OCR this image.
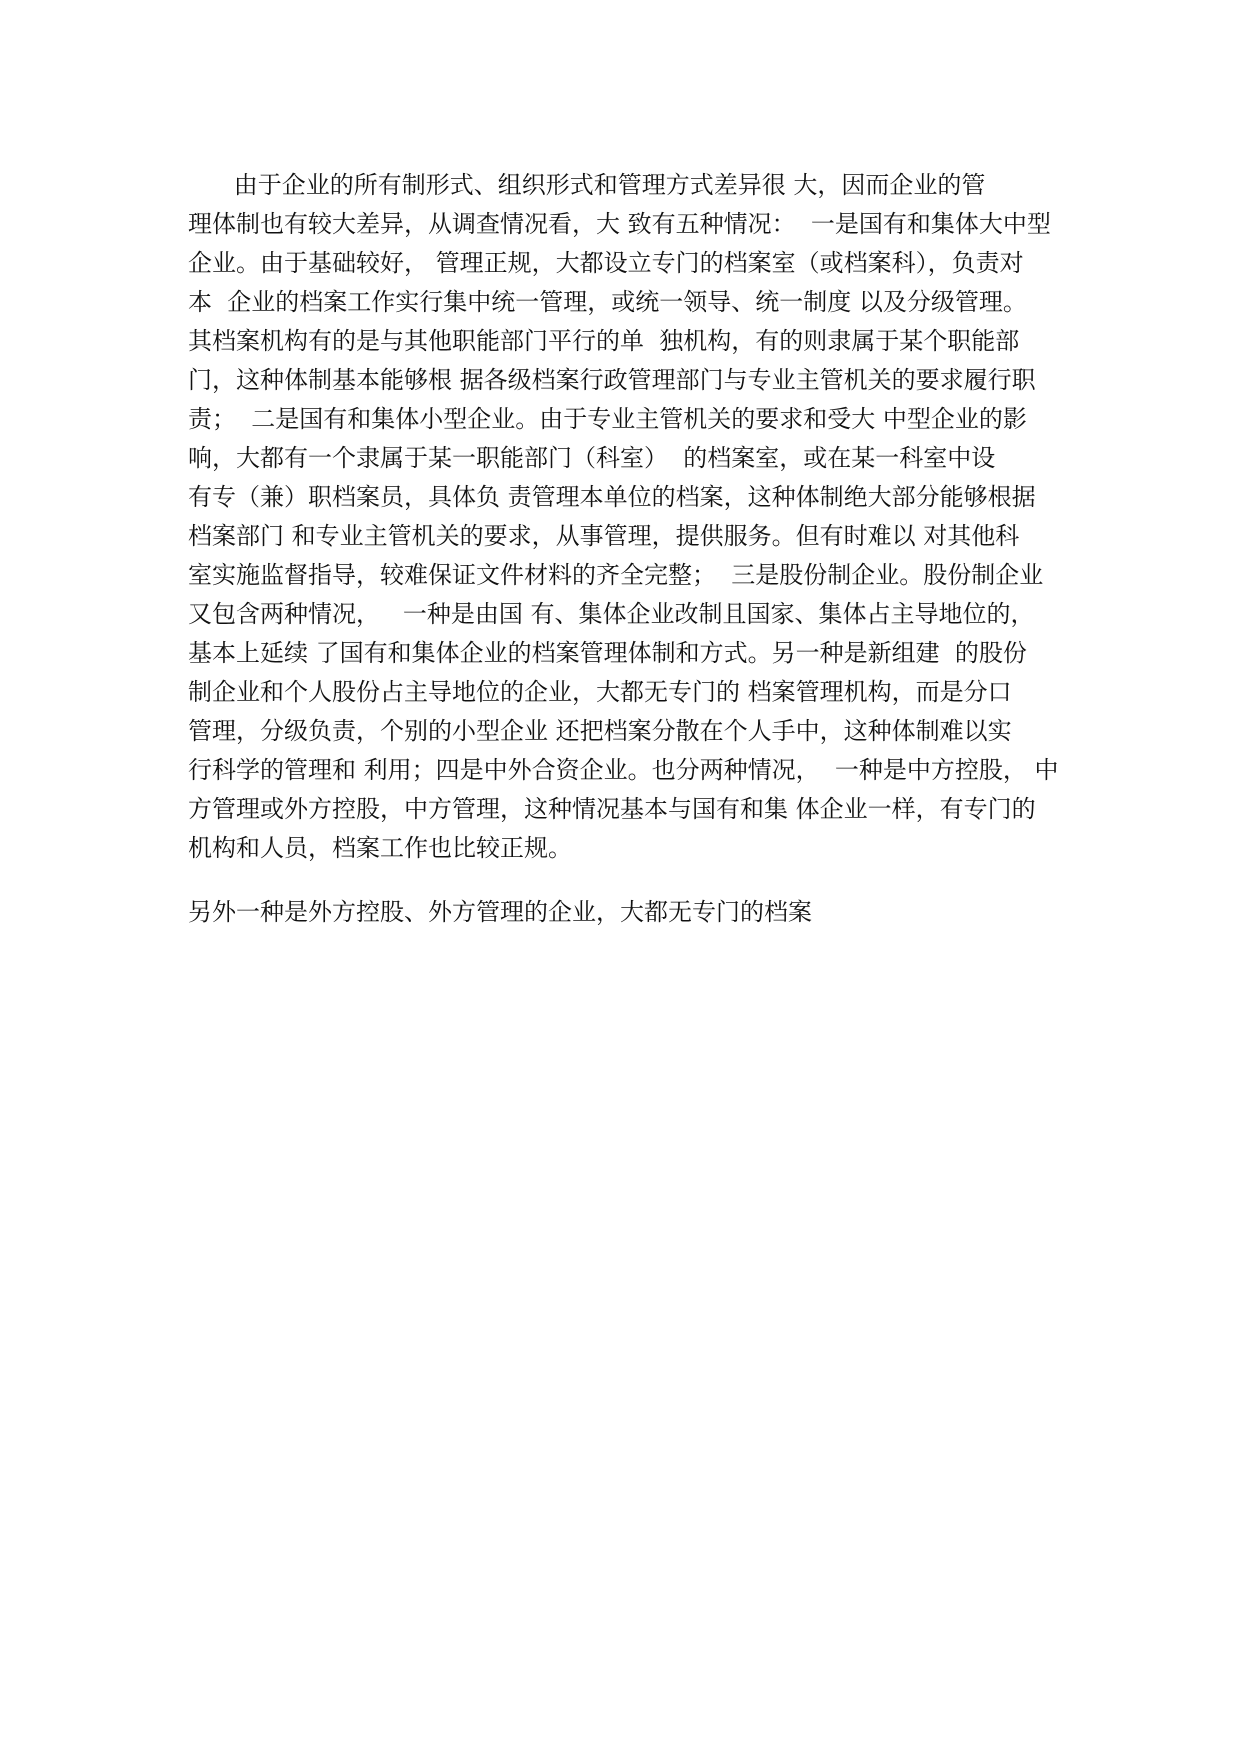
由于企业的所有制形式、组织形式和管理方式差异很 大，因而企业的管
理体制也有较大差异，从调查情况看，大 致有五种情况：  一是国有和集体大中型
企业。由于基础较好， 管理正规，大都设立专门的档案室（或档案科），负责对
本  企业的档案工作实行集中统一管理，或统一领导、统一制度 以及分级管理。
其档案机构有的是与其他职能部门平行的单  独机构，有的则隶属于某个职能部
门，这种体制基本能够根 据各级档案行政管理部门与专业主管机关的要求履行职
责；  二是国有和集体小型企业。由于专业主管机关的要求和受大 中型企业的影
响，大都有一个隶属于某一职能部门（科室）  的档案室，或在某一科室中设
有专（兼）职档案员，具体负 责管理本单位的档案，这种体制绝大部分能够根据
档案部门 和专业主管机关的要求，从事管理，提供服务。但有时难以 对其他科
室实施监督指导，较难保证文件材料的齐全完整；  三是股份制企业。股份制企业
又包含两种情况，   一种是由国 有、集体企业改制且国家、集体占主导地位的，
基本上延续 了国有和集体企业的档案管理体制和方式。另一种是新组建  的股份
制企业和个人股份占主导地位的企业，大都无专门的 档案管理机构，而是分口
管理，分级负责，个别的小型企业 还把档案分散在个人手中，这种体制难以实
行科学的管理和 利用；四是中外合资企业。也分两种情况，  一种是中方控股， 中
方管理或外方控股，中方管理，这种情况基本与国有和集 体企业一样，有专门的
机构和人员，档案工作也比较正规。
另外一种是外方控股、外方管理的企业，大都无专门的档案
